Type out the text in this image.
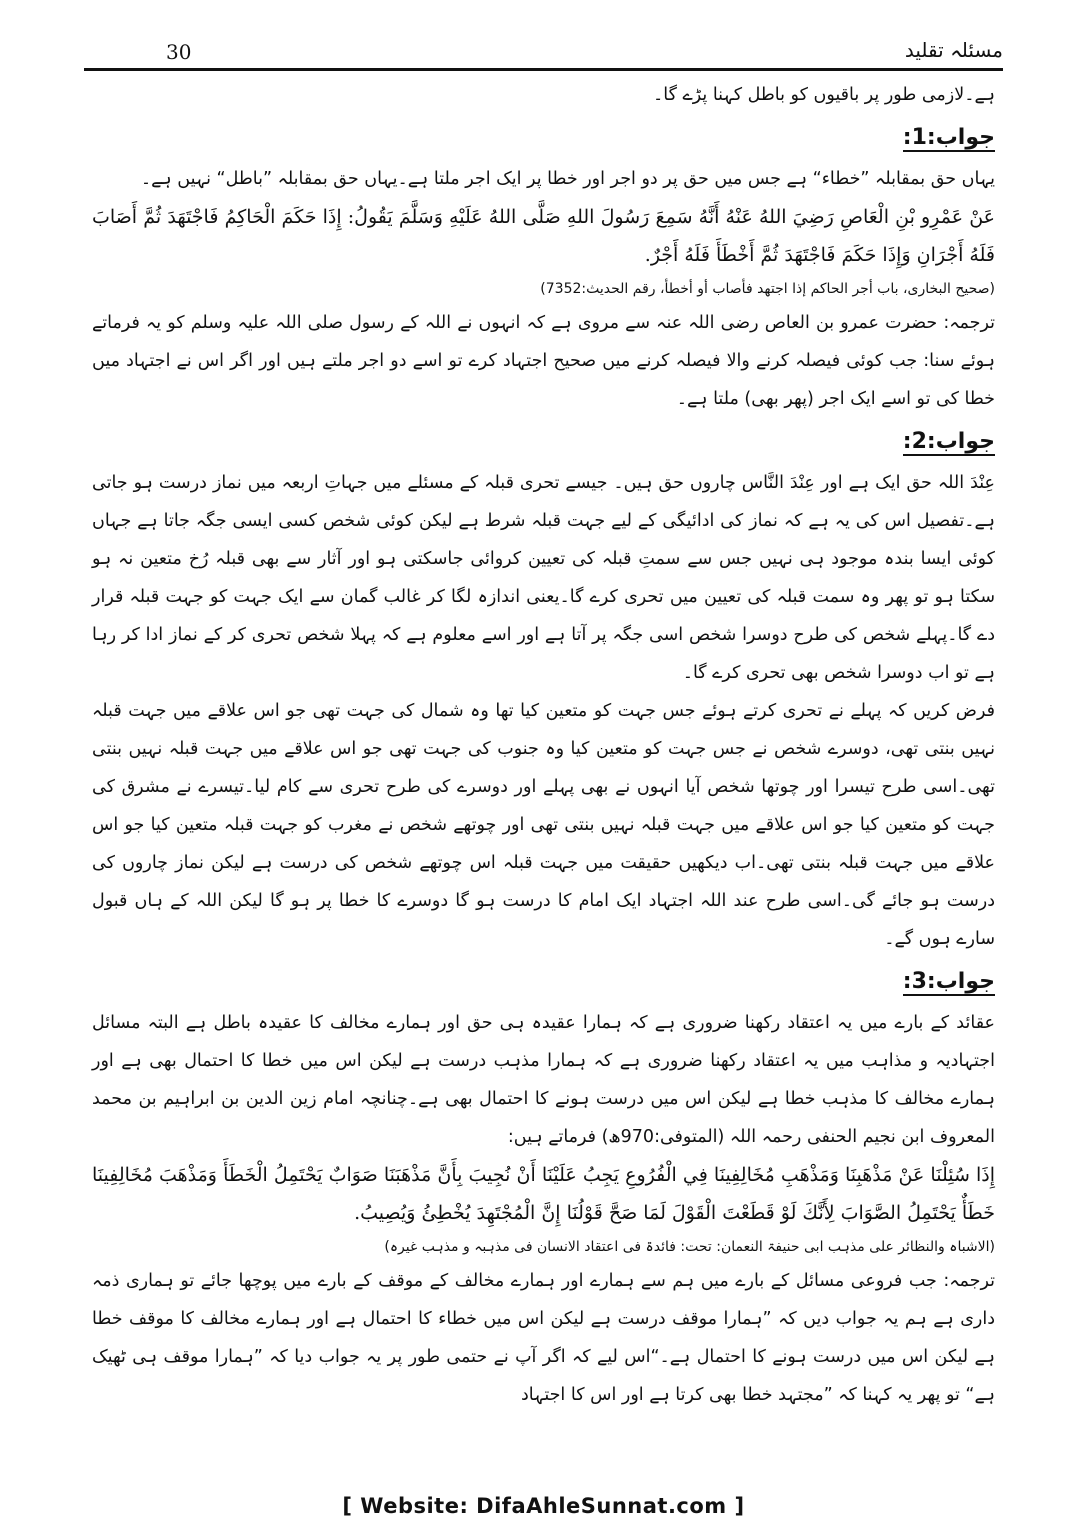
30	مسئلہ تقلید

ہے۔لازمی طور پر باقیوں کو باطل کہنا پڑے گا۔

جواب:1:

یہاں حق بمقابلہ ”خطاء“ ہے جس میں حق پر دو اجر اور خطا پر ایک اجر ملتا ہے۔یہاں حق بمقابلہ ”باطل“ نہیں ہے۔

عَنْ عَمْرِو بْنِ الْعَاصِ رَضِيَ اللهُ عَنْهُ أَنَّهُ سَمِعَ رَسُولَ اللهِ صَلَّى اللهُ عَلَيْهِ وَسَلَّمَ يَقُولُ: إِذَا حَكَمَ الْحَاكِمُ فَاجْتَهَدَ ثُمَّ أَصَابَ فَلَهُ أَجْرَانِ وَإِذَا حَكَمَ فَاجْتَهَدَ ثُمَّ أَخْطَأَ فَلَهُ أَجْرٌ.

(صحیح البخاری، باب أجر الحاکم إذا اجتهد فأصاب أو أخطأ، رقم الحدیث:7352)

ترجمہ: حضرت عمرو بن العاص رضی اللہ عنہ سے مروی ہے کہ انہوں نے اللہ کے رسول صلی اللہ علیہ وسلم کو یہ فرماتے ہوئے سنا: جب کوئی فیصلہ کرنے والا فیصلہ کرنے میں صحیح اجتہاد کرے تو اسے دو اجر ملتے ہیں اور اگر اس نے اجتہاد میں خطا کی تو اسے ایک اجر (پھر بھی) ملتا ہے۔

جواب:2:

عِنْدَ اللہ حق ایک ہے اور عِنْدَ النَّاس چاروں حق ہیں۔ جیسے تحری قبلہ کے مسئلے میں جہاتِ اربعہ میں نماز درست ہو جاتی ہے۔تفصیل اس کی یہ ہے کہ نماز کی ادائیگی کے لیے جہت قبلہ شرط ہے لیکن کوئی شخص کسی ایسی جگہ جاتا ہے جہاں کوئی ایسا بندہ موجود ہی نہیں جس سے سمتِ قبلہ کی تعیین کروائی جاسکتی ہو اور آثار سے بھی قبلہ رُخ متعین نہ ہو سکتا ہو تو پھر وہ سمت قبلہ کی تعیین میں تحری کرے گا۔یعنی اندازہ لگا کر غالب گمان سے ایک جہت کو جہت قبلہ قرار دے گا۔پہلے شخص کی طرح دوسرا شخص اسی جگہ پر آتا ہے اور اسے معلوم ہے کہ پہلا شخص تحری کر کے نماز ادا کر رہا ہے تو اب دوسرا شخص بھی تحری کرے گا۔

فرض کریں کہ پہلے نے تحری کرتے ہوئے جس جہت کو متعین کیا تھا وہ شمال کی جہت تھی جو اس علاقے میں جہت قبلہ نہیں بنتی تھی، دوسرے شخص نے جس جہت کو متعین کیا وہ جنوب کی جہت تھی جو اس علاقے میں جہت قبلہ نہیں بنتی تھی۔اسی طرح تیسرا اور چوتھا شخص آیا انہوں نے بھی پہلے اور دوسرے کی طرح تحری سے کام لیا۔تیسرے نے مشرق کی جہت کو متعین کیا جو اس علاقے میں جہت قبلہ نہیں بنتی تھی اور چوتھے شخص نے مغرب کو جہت قبلہ متعین کیا جو اس علاقے میں جہت قبلہ بنتی تھی۔اب دیکھیں حقیقت میں جہت قبلہ اس چوتھے شخص کی درست ہے لیکن نماز چاروں کی درست ہو جائے گی۔اسی طرح عند اللہ اجتہاد ایک امام کا درست ہو گا دوسرے کا خطا پر ہو گا لیکن اللہ کے ہاں قبول سارے ہوں گے۔

جواب:3:

عقائد کے بارے میں یہ اعتقاد رکھنا ضروری ہے کہ ہمارا عقیدہ ہی حق اور ہمارے مخالف کا عقیدہ باطل ہے البتہ مسائل اجتہادیہ و مذاہب میں یہ اعتقاد رکھنا ضروری ہے کہ ہمارا مذہب درست ہے لیکن اس میں خطا کا احتمال بھی ہے اور ہمارے مخالف کا مذہب خطا ہے لیکن اس میں درست ہونے کا احتمال بھی ہے۔چنانچہ امام زین الدین بن ابراہیم بن محمد المعروف ابن نجیم الحنفی رحمہ اللہ (المتوفی:970ھ) فرماتے ہیں:

إِذَا سُئِلْنَا عَنْ مَذْهَبِنَا وَمَذْهَبِ مُخَالِفِينَا فِي الْفُرُوعِ يَجِبُ عَلَيْنَا أَنْ نُجِيبَ بِأَنَّ مَذْهَبَنَا صَوَابٌ يَحْتَمِلُ الْخَطَأَ وَمَذْهَبَ مُخَالِفِينَا خَطَأٌ يَحْتَمِلُ الصَّوَابَ لِأَنَّكَ لَوْ قَطَعْتَ الْقَوْلَ لَمَا صَحَّ قَوْلُنَا إِنَّ الْمُجْتَهِدَ يُخْطِئُ وَيُصِيبُ.

(الاشباہ والنظائر علی مذہب ابی حنیفۃ النعمان: تحت: فائدۃ فی اعتقاد الانسان فی مذہبہ و مذہب غیرہ)

ترجمہ: جب فروعی مسائل کے بارے میں ہم سے ہمارے اور ہمارے مخالف کے موقف کے بارے میں پوچھا جائے تو ہماری ذمہ داری ہے ہم یہ جواب دیں کہ ”ہمارا موقف درست ہے لیکن اس میں خطاء کا احتمال ہے اور ہمارے مخالف کا موقف خطا ہے لیکن اس میں درست ہونے کا احتمال ہے۔“اس لیے کہ اگر آپ نے حتمی طور پر یہ جواب دیا کہ ”ہمارا موقف ہی ٹھیک ہے“ تو پھر یہ کہنا کہ ”مجتہد خطا بھی کرتا ہے اور اس کا اجتہاد

[ Website: DifaAhleSunnat.com ]
